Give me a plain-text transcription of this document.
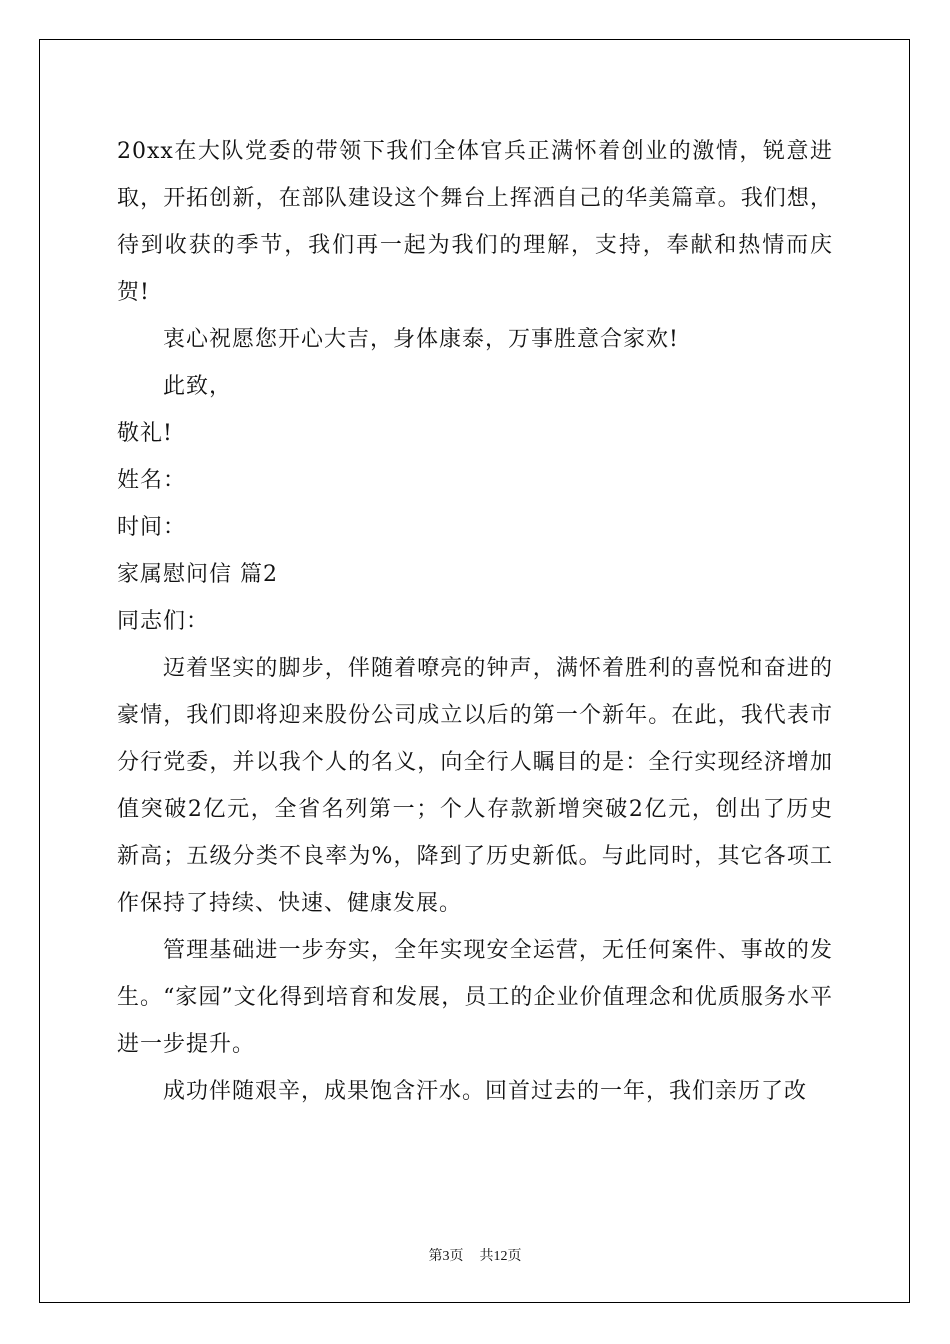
20xx在大队党委的带领下我们全体官兵正满怀着创业的激情，锐意进取，开拓创新，在部队建设这个舞台上挥洒自己的华美篇章。我们想，待到收获的季节，我们再一起为我们的理解，支持，奉献和热情而庆贺!

衷心祝愿您开心大吉，身体康泰，万事胜意合家欢!

此致，

敬礼!

姓名：

时间：

家属慰问信 篇2

同志们：

迈着坚实的脚步，伴随着嘹亮的钟声，满怀着胜利的喜悦和奋进的豪情，我们即将迎来股份公司成立以后的第一个新年。在此，我代表市分行党委，并以我个人的名义，向全行人瞩目的是：全行实现经济增加值突破2亿元，全省名列第一；个人存款新增突破2亿元，创出了历史新高；五级分类不良率为%，降到了历史新低。与此同时，其它各项工作保持了持续、快速、健康发展。

管理基础进一步夯实，全年实现安全运营，无任何案件、事故的发生。“家园”文化得到培育和发展，员工的企业价值理念和优质服务水平进一步提升。

成功伴随艰辛，成果饱含汗水。回首过去的一年，我们亲历了改

第3页 共12页
